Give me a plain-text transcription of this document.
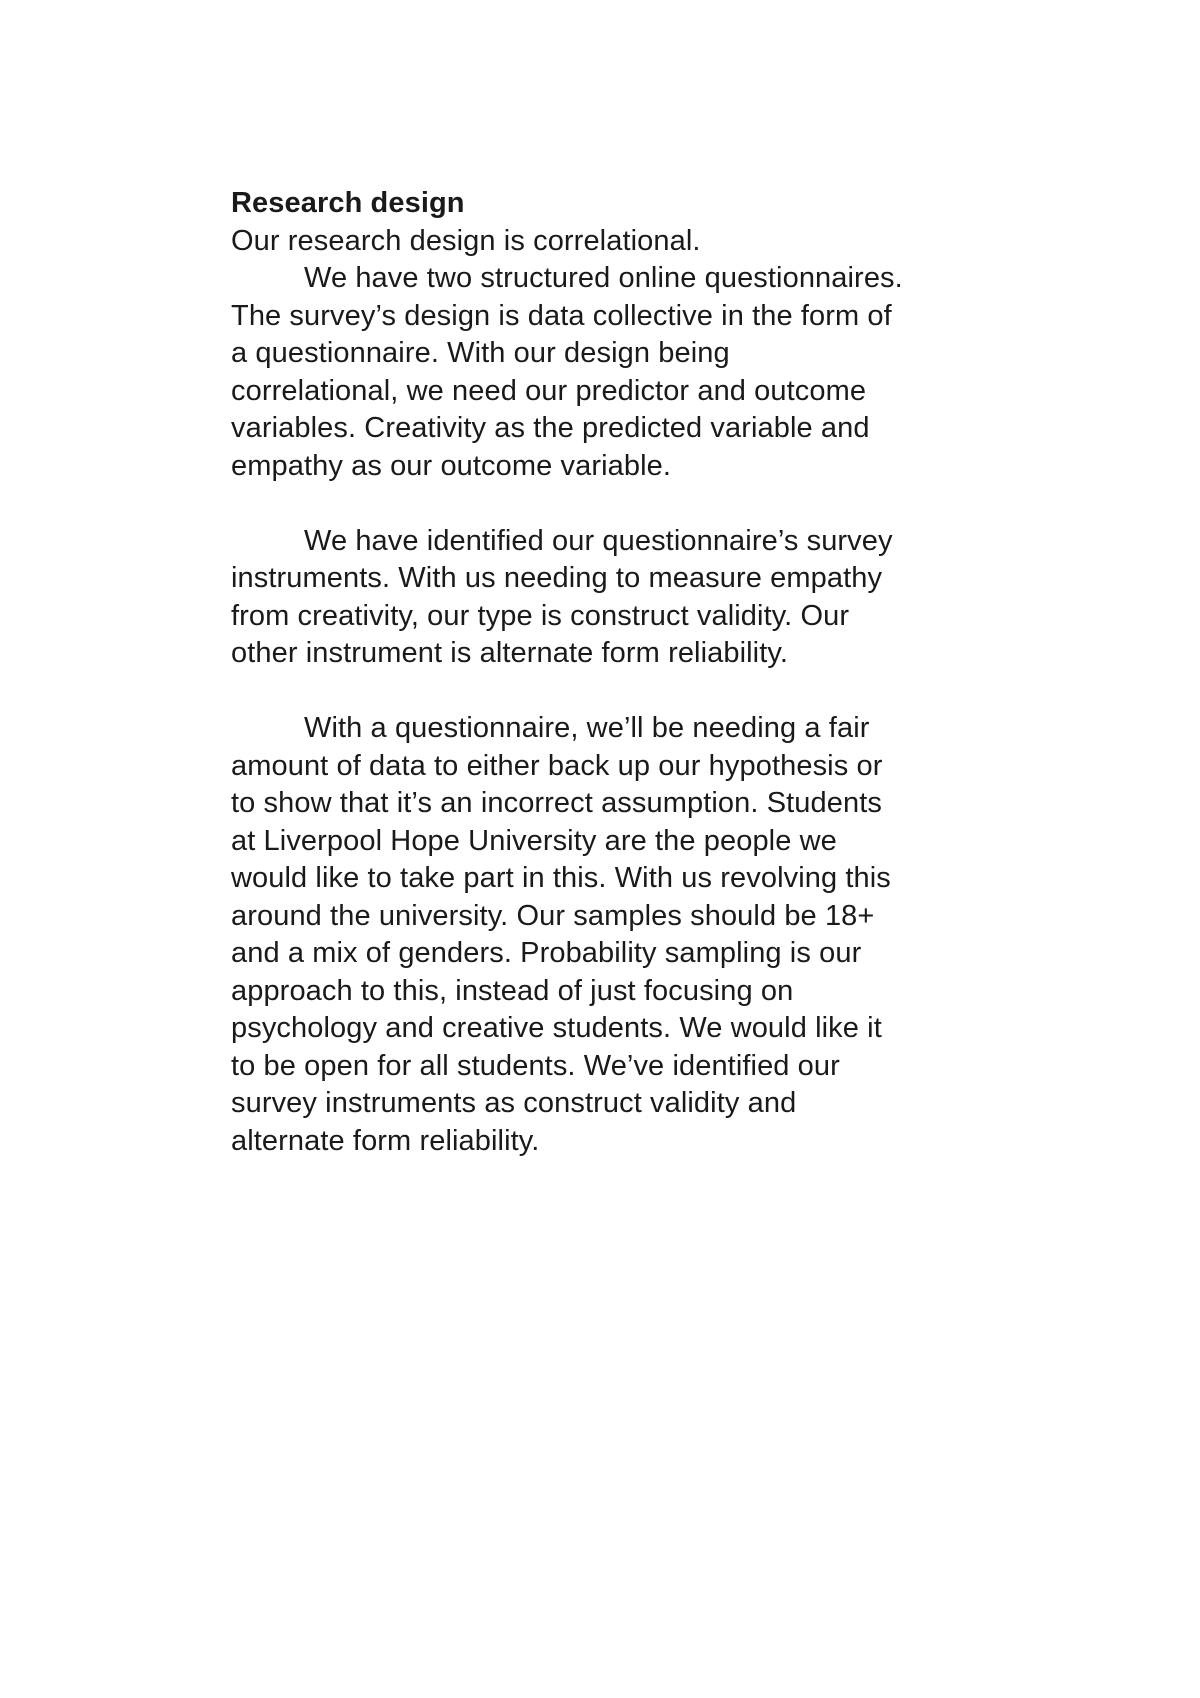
Research design
Our research design is correlational.
We have two structured online questionnaires.
The survey’s design is data collective in the form of
a questionnaire. With our design being
correlational, we need our predictor and outcome
variables. Creativity as the predicted variable and
empathy as our outcome variable.
We have identified our questionnaire’s survey
instruments. With us needing to measure empathy
from creativity, our type is construct validity. Our
other instrument is alternate form reliability.
With a questionnaire, we’ll be needing a fair
amount of data to either back up our hypothesis or
to show that it’s an incorrect assumption. Students
at Liverpool Hope University are the people we
would like to take part in this. With us revolving this
around the university. Our samples should be 18+
and a mix of genders. Probability sampling is our
approach to this, instead of just focusing on
psychology and creative students. We would like it
to be open for all students. We’ve identified our
survey instruments as construct validity and
alternate form reliability.
